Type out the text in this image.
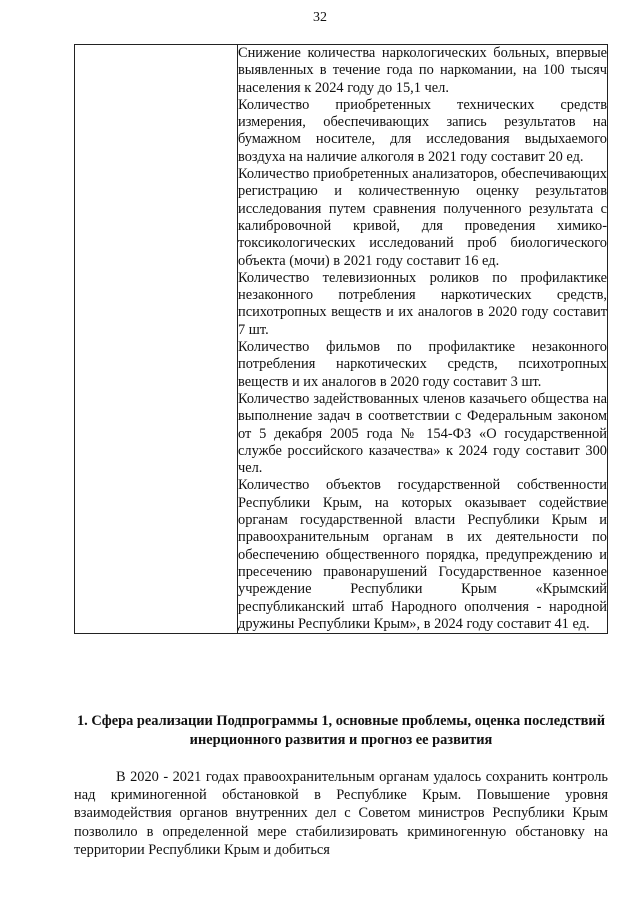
32

Снижение количества наркологических больных, впервые выявленных в течение года по наркомании, на 100 тысяч населения к 2024 году до 15,1 чел.

Количество приобретенных технических средств измерения, обеспечивающих запись результатов на бумажном носителе, для исследования выдыхаемого воздуха на наличие алкоголя в 2021 году составит 20 ед.

Количество приобретенных анализаторов, обеспечивающих регистрацию и количественную оценку результатов исследования путем сравнения полученного результата с калибровочной кривой, для проведения химико-токсикологических исследований проб биологического объекта (мочи) в 2021 году составит 16 ед.

Количество телевизионных роликов по профилактике незаконного потребления наркотических средств, психотропных веществ и их аналогов в 2020 году составит 7 шт.

Количество фильмов по профилактике незаконного потребления наркотических средств, психотропных веществ и их аналогов в 2020 году составит 3 шт.

Количество задействованных членов казачьего общества на выполнение задач в соответствии с Федеральным законом от 5 декабря 2005 года № 154-ФЗ «О государственной службе российского казачества» к 2024 году составит 300 чел.

Количество объектов государственной собственности Республики Крым, на которых оказывает содействие органам государственной власти Республики Крым и правоохранительным органам в их деятельности по обеспечению общественного порядка, предупреждению и пресечению правонарушений Государственное казенное учреждение Республики Крым «Крымский республиканский штаб Народного ополчения - народной дружины Республики Крым», в 2024 году составит 41 ед.

1. Сфера реализации Подпрограммы 1, основные проблемы, оценка последствий инерционного развития и прогноз ее развития

В 2020 - 2021 годах правоохранительным органам удалось сохранить контроль над криминогенной обстановкой в Республике Крым. Повышение уровня взаимодействия органов внутренних дел с Советом министров Республики Крым позволило в определенной мере стабилизировать криминогенную обстановку на территории Республики Крым и добиться
